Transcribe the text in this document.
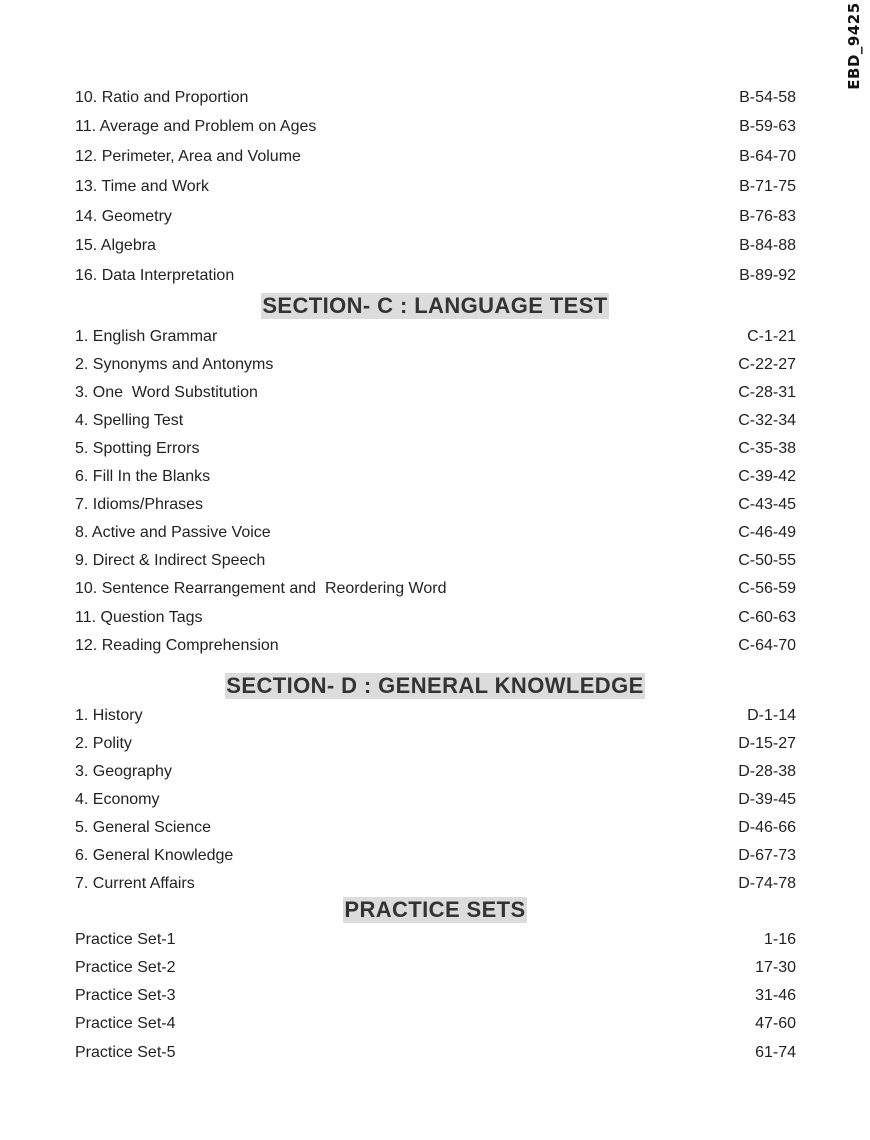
EBD_9425
10. Ratio and Proportion	B-54-58
11. Average and Problem on Ages	B-59-63
12. Perimeter, Area and Volume	B-64-70
13. Time and Work	B-71-75
14. Geometry	B-76-83
15. Algebra	B-84-88
16. Data Interpretation	B-89-92
SECTION- C : LANGUAGE TEST
1. English Grammar	C-1-21
2. Synonyms and Antonyms	C-22-27
3. One  Word Substitution	C-28-31
4. Spelling Test	C-32-34
5. Spotting Errors	C-35-38
6. Fill In the Blanks	C-39-42
7. Idioms/Phrases	C-43-45
8. Active and Passive Voice	C-46-49
9. Direct & Indirect Speech	C-50-55
10. Sentence Rearrangement and  Reordering Word	C-56-59
11. Question Tags	C-60-63
12. Reading Comprehension	C-64-70
SECTION- D : GENERAL KNOWLEDGE
1. History	D-1-14
2. Polity	D-15-27
3. Geography	D-28-38
4. Economy	D-39-45
5. General Science	D-46-66
6. General Knowledge	D-67-73
7. Current Affairs	D-74-78
PRACTICE SETS
Practice Set-1	1-16
Practice Set-2	17-30
Practice Set-3	31-46
Practice Set-4	47-60
Practice Set-5	61-74
